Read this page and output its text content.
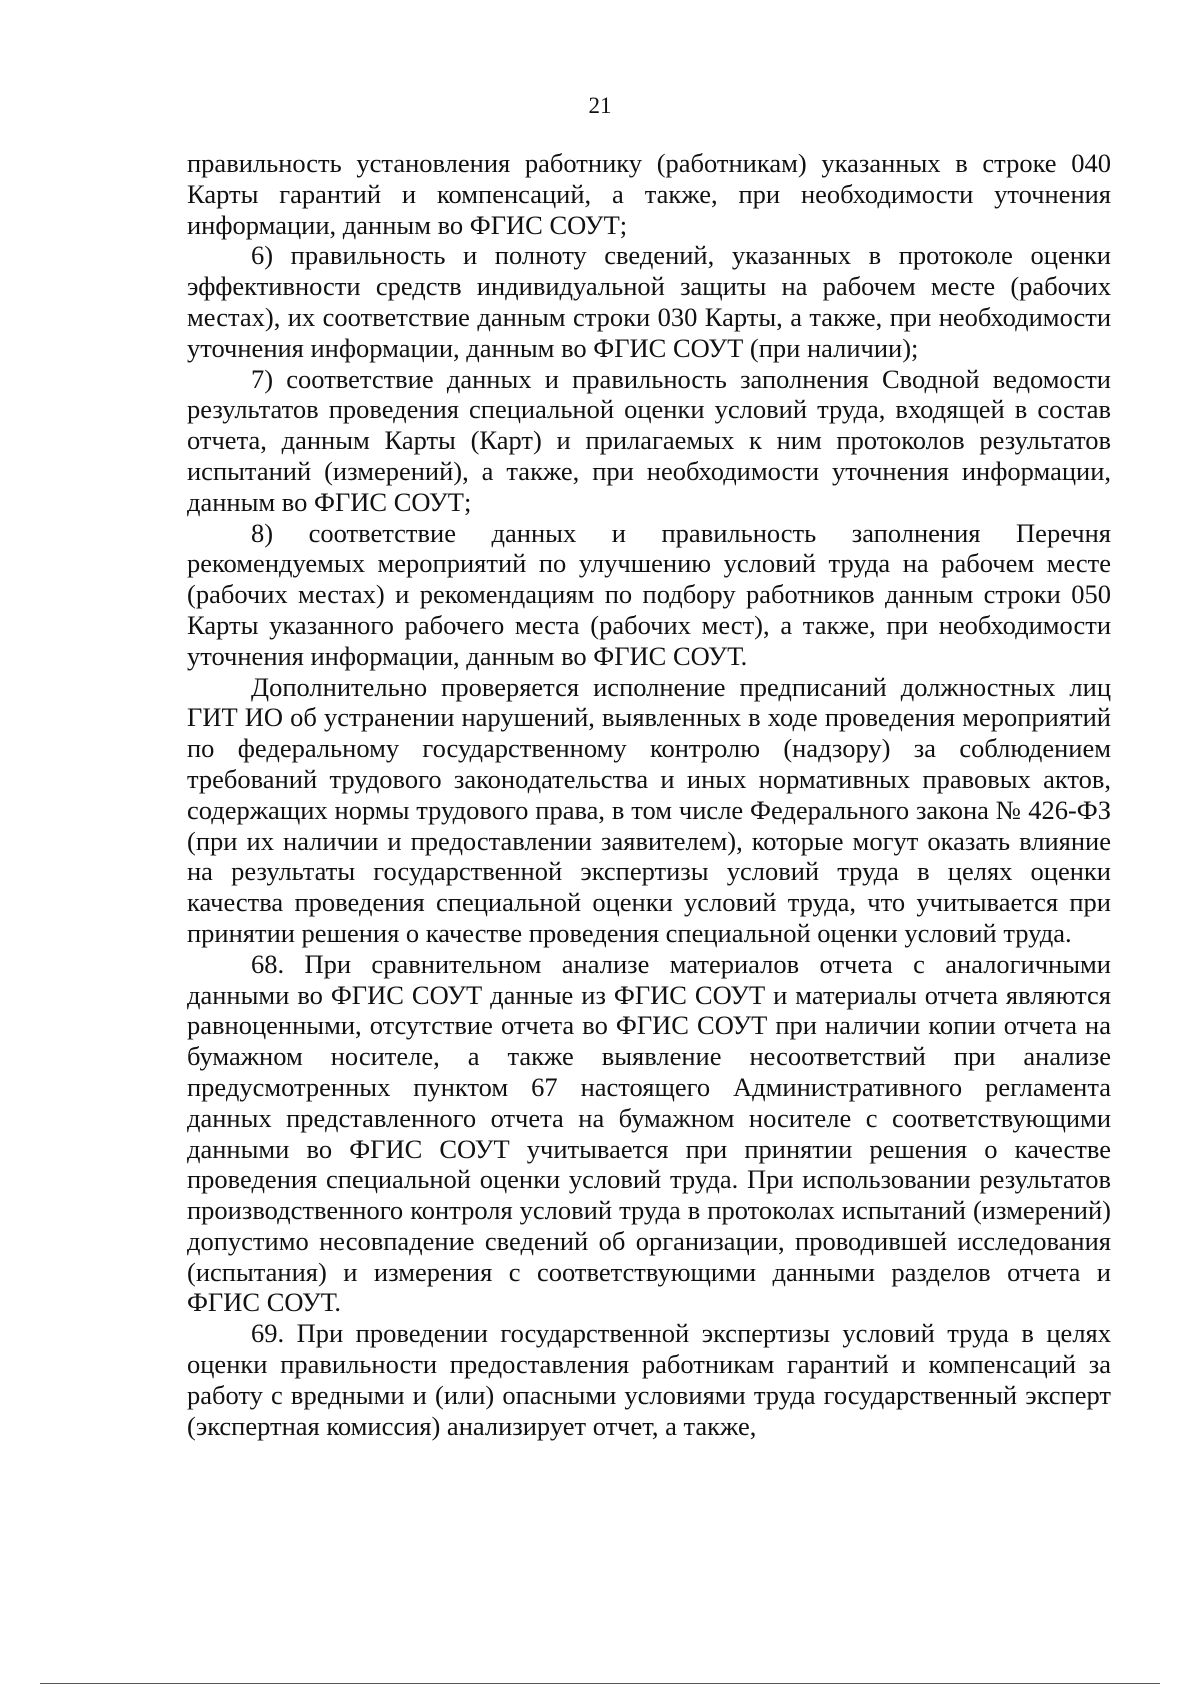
21

правильность установления работнику (работникам) указанных в строке 040 Карты гарантий и компенсаций, а также, при необходимости уточнения информации, данным во ФГИС СОУТ;

6) правильность и полноту сведений, указанных в протоколе оценки эффективности средств индивидуальной защиты на рабочем месте (рабочих местах), их соответствие данным строки 030 Карты, а также, при необходимости уточнения информации, данным во ФГИС СОУТ (при наличии);

7) соответствие данных и правильность заполнения Сводной ведомости результатов проведения специальной оценки условий труда, входящей в состав отчета, данным Карты (Карт) и прилагаемых к ним протоколов результатов испытаний (измерений), а также, при необходимости уточнения информации, данным во ФГИС СОУТ;

8) соответствие данных и правильность заполнения Перечня рекомендуемых мероприятий по улучшению условий труда на рабочем месте (рабочих местах) и рекомендациям по подбору работников данным строки 050 Карты указанного рабочего места (рабочих мест), а также, при необходимости уточнения информации, данным во ФГИС СОУТ.

Дополнительно проверяется исполнение предписаний должностных лиц ГИТ ИО об устранении нарушений, выявленных в ходе проведения мероприятий по федеральному государственному контролю (надзору) за соблюдением требований трудового законодательства и иных нормативных правовых актов, содержащих нормы трудового права, в том числе Федерального закона № 426-ФЗ (при их наличии и предоставлении заявителем), которые могут оказать влияние на результаты государственной экспертизы условий труда в целях оценки качества проведения специальной оценки условий труда, что учитывается при принятии решения о качестве проведения специальной оценки условий труда.

68. При сравнительном анализе материалов отчета с аналогичными данными во ФГИС СОУТ данные из ФГИС СОУТ и материалы отчета являются равноценными, отсутствие отчета во ФГИС СОУТ при наличии копии отчета на бумажном носителе, а также выявление несоответствий при анализе предусмотренных пунктом 67 настоящего Административного регламента данных представленного отчета на бумажном носителе с соответствующими данными во ФГИС СОУТ учитывается при принятии решения о качестве проведения специальной оценки условий труда. При использовании результатов производственного контроля условий труда в протоколах испытаний (измерений) допустимо несовпадение сведений об организации, проводившей исследования (испытания) и измерения с соответствующими данными разделов отчета и ФГИС СОУТ.

69. При проведении государственной экспертизы условий труда в целях оценки правильности предоставления работникам гарантий и компенсаций за работу с вредными и (или) опасными условиями труда государственный эксперт (экспертная комиссия) анализирует отчет, а также,
